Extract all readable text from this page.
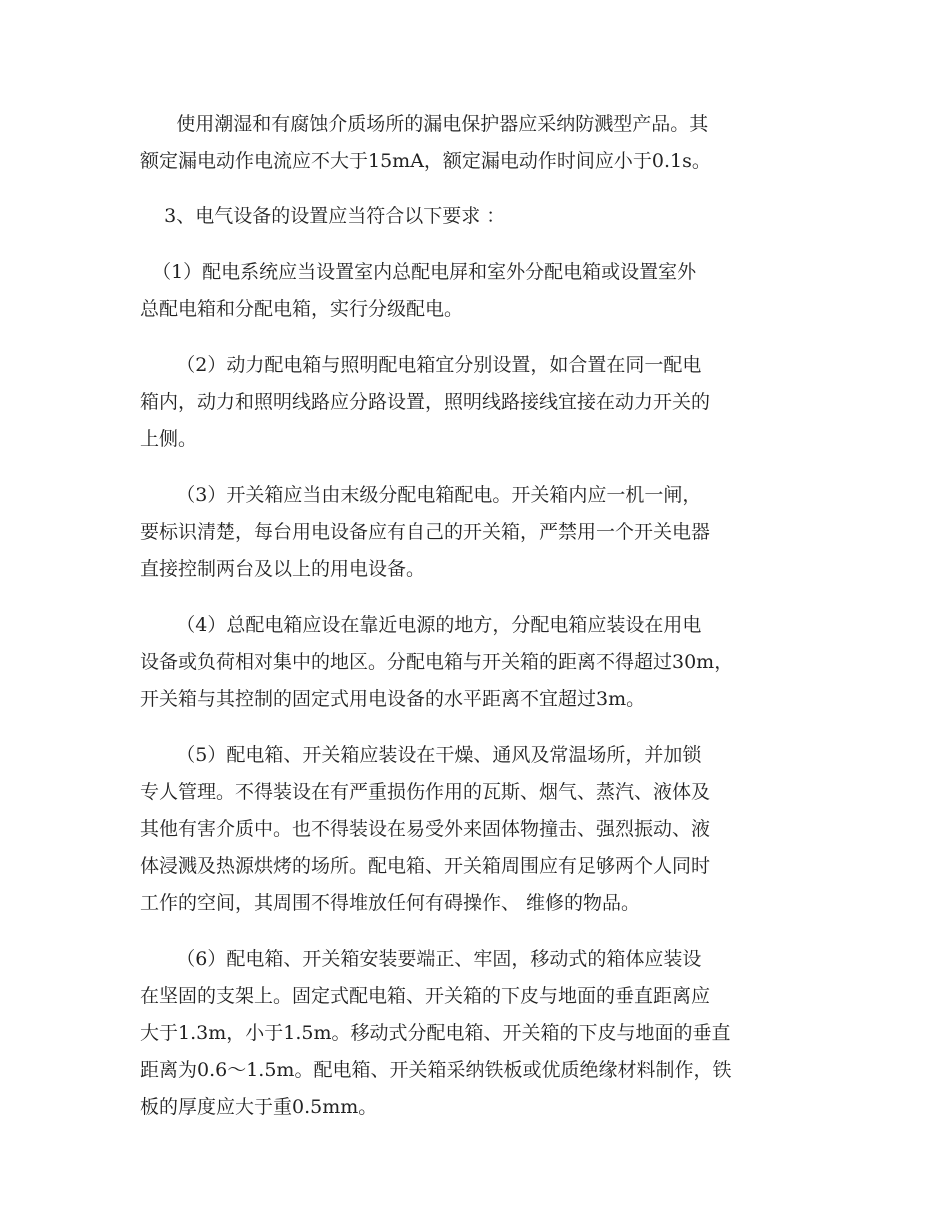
使用潮湿和有腐蚀介质场所的漏电保护器应采纳防溅型产品。其
额定漏电动作电流应不大于15mA，额定漏电动作时间应小于0.1s。
3、电气设备的设置应当符合以下要求 ：
（1）配电系统应当设置室内总配电屏和室外分配电箱或设置室外
总配电箱和分配电箱，实行分级配电。
（2）动力配电箱与照明配电箱宜分别设置，如合置在同一配电
箱内，动力和照明线路应分路设置，照明线路接线宜接在动力开关的
上侧。
（3）开关箱应当由末级分配电箱配电。开关箱内应一机一闸，
要标识清楚，每台用电设备应有自己的开关箱，严禁用一个开关电器
直接控制两台及以上的用电设备。
（4）总配电箱应设在靠近电源的地方，分配电箱应装设在用电
设备或负荷相对集中的地区。分配电箱与开关箱的距离不得超过30m，
开关箱与其控制的固定式用电设备的水平距离不宜超过3m。
（5）配电箱、开关箱应装设在干燥、通风及常温场所，并加锁
专人管理。不得装设在有严重损伤作用的瓦斯、烟气、蒸汽、液体及
其他有害介质中。也不得装设在易受外来固体物撞击、强烈振动、液
体浸溅及热源烘烤的场所。配电箱、开关箱周围应有足够两个人同时
工作的空间，其周围不得堆放任何有碍操作、 维修的物品。
（6）配电箱、开关箱安装要端正、牢固，移动式的箱体应装设
在坚固的支架上。固定式配电箱、开关箱的下皮与地面的垂直距离应
大于1.3m，小于1.5m。移动式分配电箱、开关箱的下皮与地面的垂直
距离为0.6～1.5m。配电箱、开关箱采纳铁板或优质绝缘材料制作，铁
板的厚度应大于重0.5mm。
